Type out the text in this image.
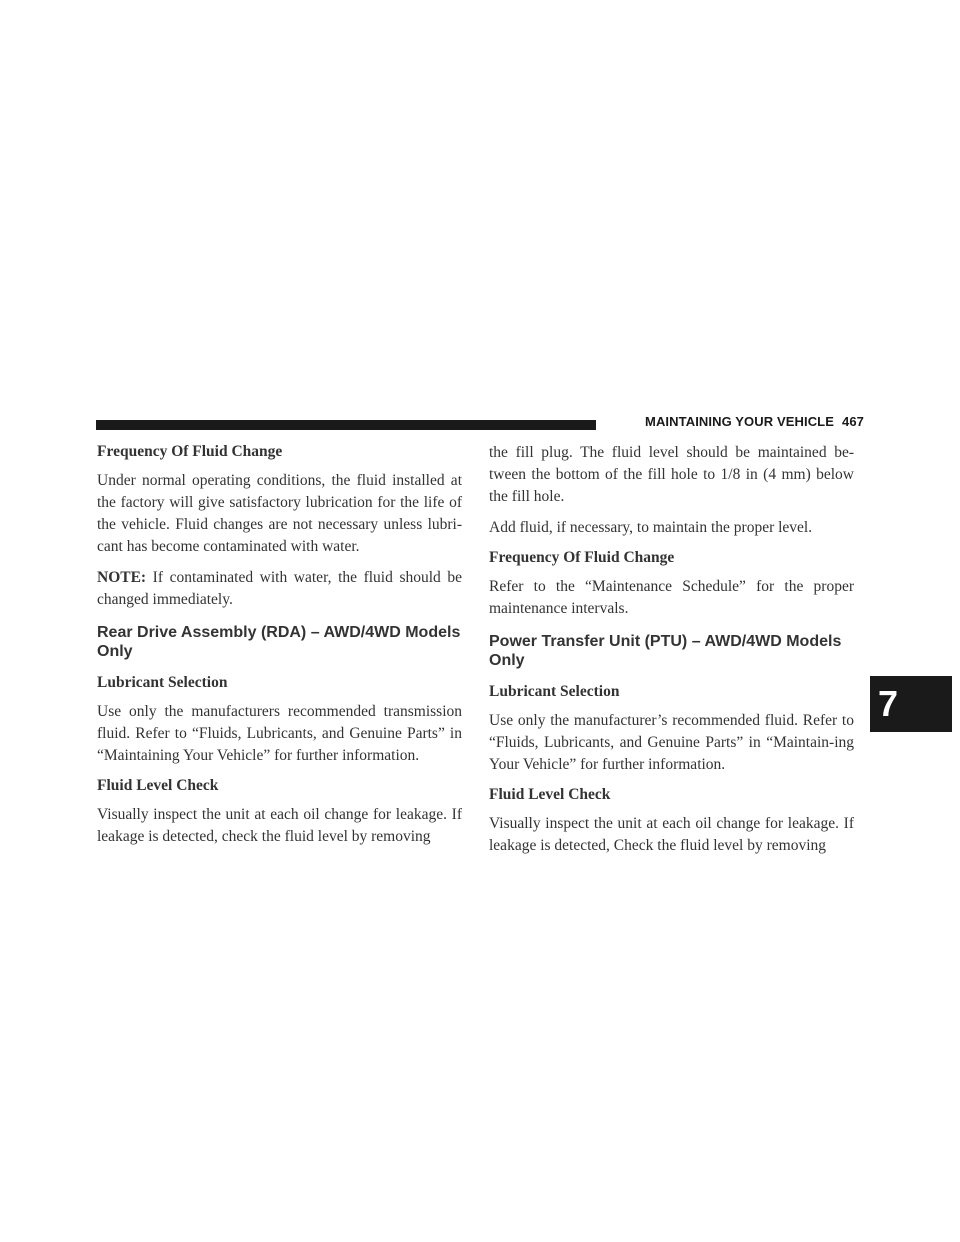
MAINTAINING YOUR VEHICLE 467
7
Frequency Of Fluid Change

Under normal operating conditions, the fluid installed at the factory will give satisfactory lubrication for the life of the vehicle. Fluid changes are not necessary unless lubri-cant has become contaminated with water.

NOTE: If contaminated with water, the fluid should be changed immediately.

Rear Drive Assembly (RDA) – AWD/4WD Models Only
Lubricant Selection

Use only the manufacturers recommended transmission fluid. Refer to “Fluids, Lubricants, and Genuine Parts” in “Maintaining Your Vehicle” for further information.

Fluid Level Check

Visually inspect the unit at each oil change for leakage. If leakage is detected, check the fluid level by removing

the fill plug. The fluid level should be maintained be-tween the bottom of the fill hole to 1/8 in (4 mm) below the fill hole.

Add fluid, if necessary, to maintain the proper level.

Frequency Of Fluid Change

Refer to the “Maintenance Schedule” for the proper maintenance intervals.

Power Transfer Unit (PTU) – AWD/4WD Models Only
Lubricant Selection

Use only the manufacturer’s recommended fluid. Refer to “Fluids, Lubricants, and Genuine Parts” in “Maintain-ing Your Vehicle” for further information.

Fluid Level Check

Visually inspect the unit at each oil change for leakage. If leakage is detected, Check the fluid level by removing
